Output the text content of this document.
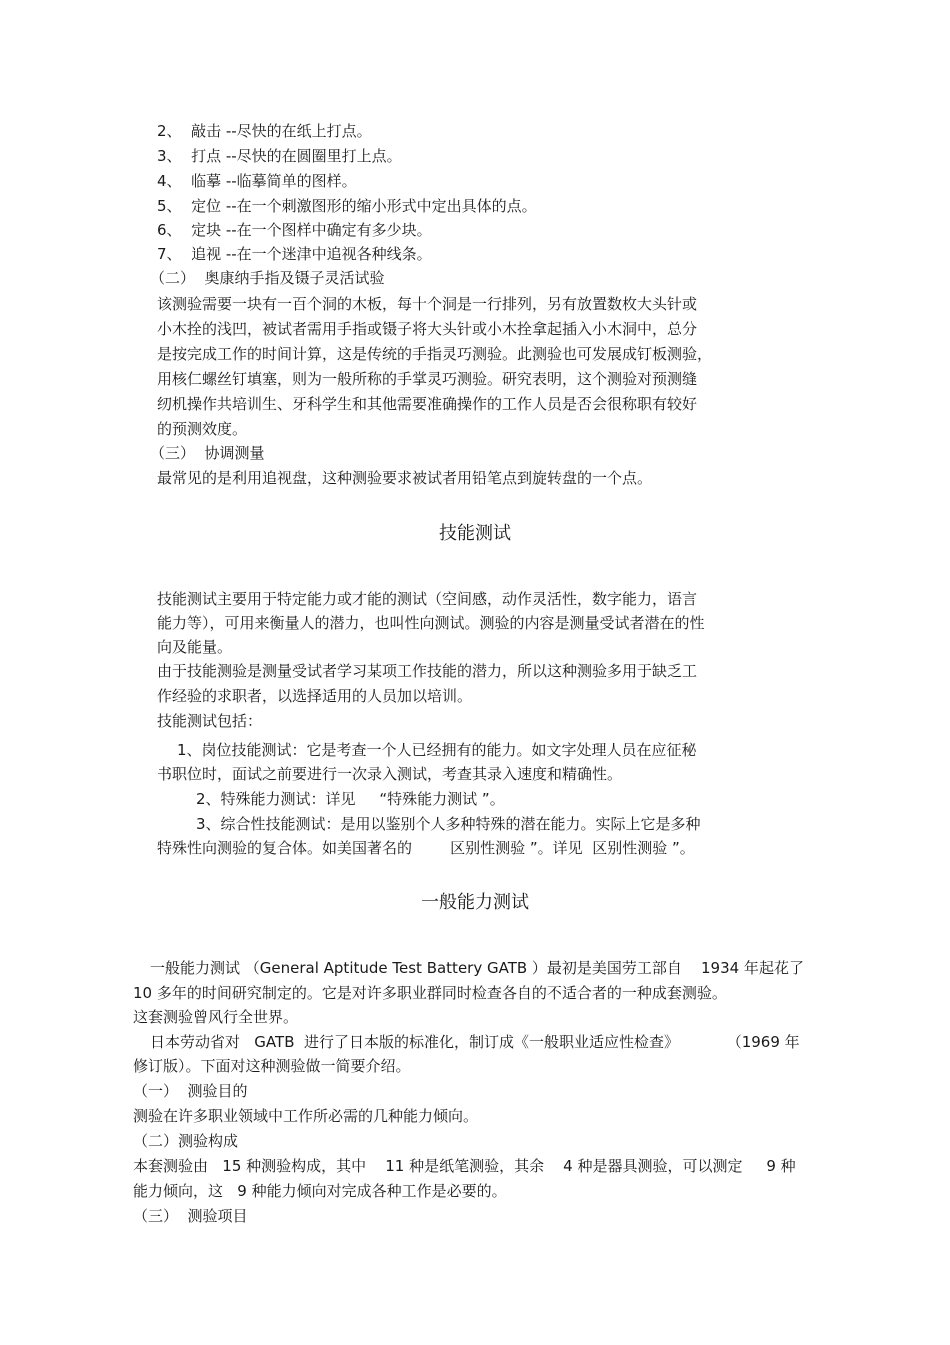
2、  敲击 --尽快的在纸上打点。
3、  打点 --尽快的在圆圈里打上点。
4、  临摹 --临摹简单的图样。
5、  定位 --在一个刺激图形的缩小形式中定出具体的点。
6、  定块 --在一个图样中确定有多少块。
7、  追视 --在一个迷津中追视各种线条。
（二）  奥康纳手指及镊子灵活试验
该测验需要一块有一百个洞的木板，每十个洞是一行排列，另有放置数枚大头针或
小木拴的浅凹，被试者需用手指或镊子将大头针或小木拴拿起插入小木洞中，总分
是按完成工作的时间计算，这是传统的手指灵巧测验。此测验也可发展成钉板测验，
用核仁螺丝钉填塞，则为一般所称的手掌灵巧测验。研究表明，这个测验对预测缝
纫机操作共培训生、牙科学生和其他需要准确操作的工作人员是否会很称职有较好
的预测效度。
（三）  协调测量
最常见的是利用追视盘，这种测验要求被试者用铅笔点到旋转盘的一个点。
技能测试
技能测试主要用于特定能力或才能的测试（空间感，动作灵活性，数字能力，语言
能力等），可用来衡量人的潜力，也叫性向测试。测验的内容是测量受试者潜在的性
向及能量。
由于技能测验是测量受试者学习某项工作技能的潜力，所以这种测验多用于缺乏工
作经验的求职者，以选择适用的人员加以培训。
技能测试包括：
1、岗位技能测试：它是考查一个人已经拥有的能力。如文字处理人员在应征秘
书职位时，面试之前要进行一次录入测试，考查其录入速度和精确性。
2、特殊能力测试：详见     “特殊能力测试 ”。
3、综合性技能测试：是用以鉴别个人多种特殊的潜在能力。实际上它是多种
特殊性向测验的复合体。如美国著名的        区别性测验 ”。详见  区别性测验 ”。
一般能力测试
一般能力测试 （General Aptitude Test Battery GATB ）最初是美国劳工部自    1934 年起花了
10 多年的时间研究制定的。它是对许多职业群同时检查各自的不适合者的一种成套测验。
这套测验曾风行全世界。
日本劳动省对   GATB  进行了日本版的标准化，制订成《一般职业适应性检查》          （1969 年
修订版）。下面对这种测验做一简要介绍。
（一）  测验目的
测验在许多职业领域中工作所必需的几种能力倾向。
（二）测验构成
本套测验由   15 种测验构成，其中    11 种是纸笔测验，其余    4 种是器具测验，可以测定     9 种
能力倾向，这   9 种能力倾向对完成各种工作是必要的。
（三）  测验项目
